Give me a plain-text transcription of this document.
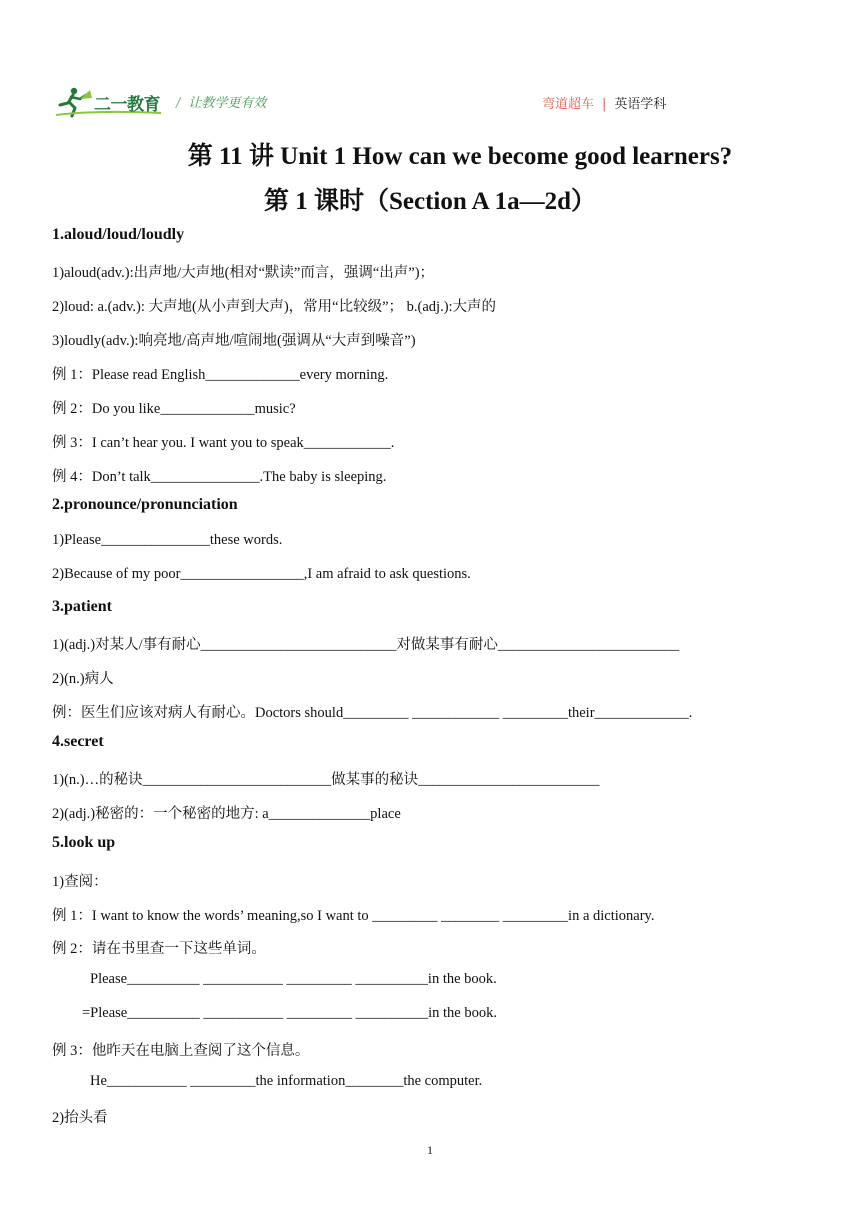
二一教育 / 让教学更有效	弯道超车 | 英语学科
第 11 讲 Unit 1 How can we become good learners?
第 1 课时（Section A 1a—2d）
1.aloud/loud/loudly
1)aloud(adv.):出声地/大声地(相对“默读”而言，强调“出声”)；
2)loud: a.(adv.): 大声地(从小声到大声)，常用“比较级”； b.(adj.):大声的
3)loudly(adv.):响亮地/高声地/喧闹地(强调从“大声到噪音”)
例 1：Please read English_____________every morning.
例 2：Do you like_____________music?
例 3：I can’t hear you. I want you to speak____________.
例 4：Don’t talk_______________.The baby is sleeping.
2.pronounce/pronunciation
1)Please_______________these words.
2)Because of my poor_________________,I am afraid to ask questions.
3.patient
1)(adj.)对某人/事有耐心___________________________对做某事有耐心_________________________
2)(n.)病人
例：医生们应该对病人有耐心。Doctors should_________ ____________ _________their_____________.
4.secret
1)(n.)…的秘诀__________________________做某事的秘诀_________________________
2)(adj.)秘密的：一个秘密的地方: a______________place
5.look up
1)查阅：
例 1：I want to know the words’ meaning,so I want to _________ ________ _________in a dictionary.
例 2：请在书里查一下这些单词。
Please__________ ___________ _________ __________in the book.
=Please__________ ___________ _________ __________in the book.
例 3：他昨天在电脑上查阅了这个信息。
He___________ _________the information________the computer.
2)抬头看
1
